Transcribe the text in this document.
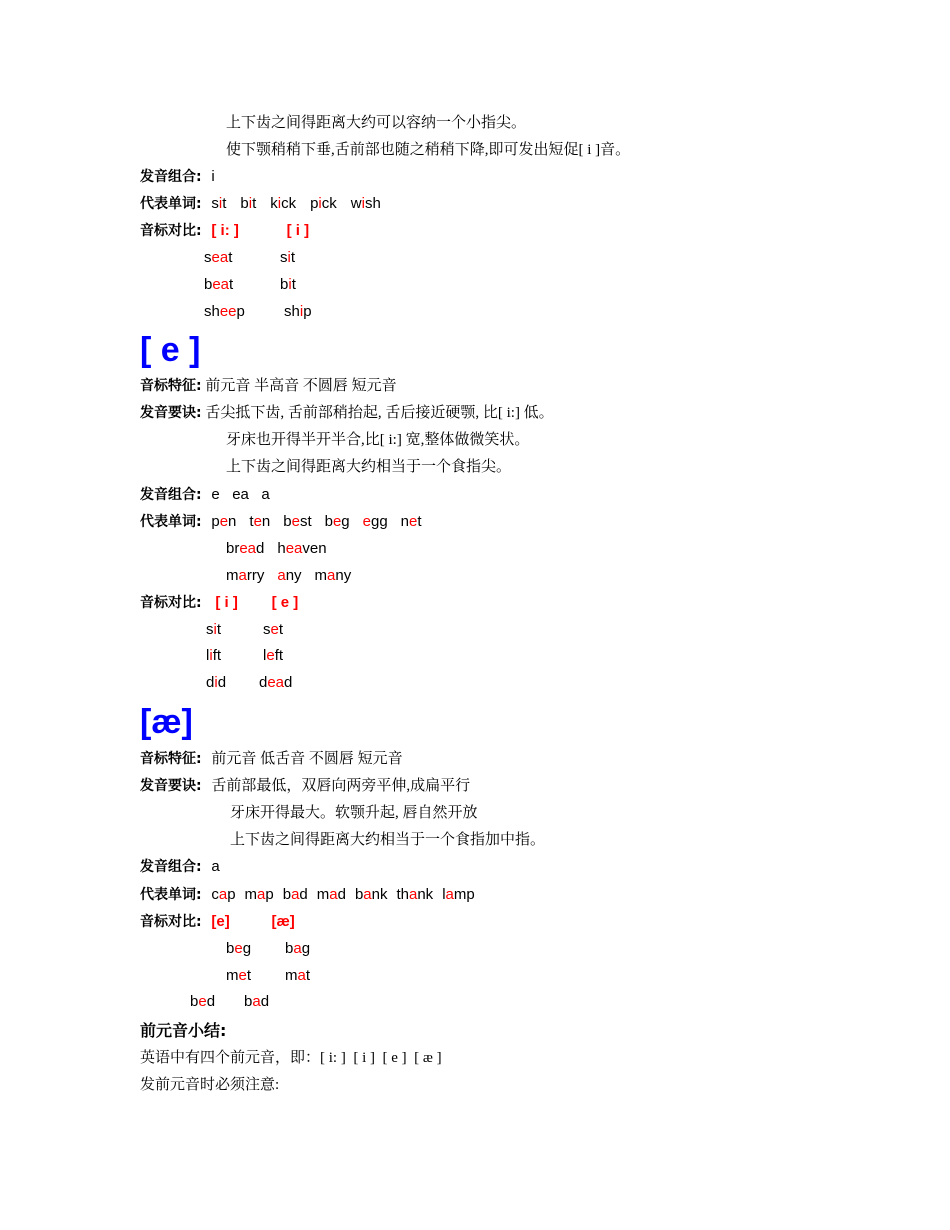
上下齿之间得距离大约可以容纳一个小指尖。
使下颚稍稍下垂,舌前部也随之稍稍下降,即可发出短促[ i ]音。
发音组合: i
代表单词: sit bit kick pick wish
音标对比: [ i: ]	[ i ]
seat	sit
beat	bit
sheep	ship
[ e ]
音标特征: 前元音 半高音 不圆唇 短元音
发音要诀: 舌尖抵下齿, 舌前部稍抬起, 舌后接近硬颚, 比[ i:] 低。
牙床也开得半开半合,比[ i:] 宽,整体做微笑状。
上下齿之间得距离大约相当于一个食指尖。
发音组合: e   ea   a
代表单词: pen ten best beg egg net
bread heaven
marry any many
音标对比: [ i ] [ e ]
sit	set
lift	left
did dead
[æ]
音标特征: 前元音 低舌音 不圆唇 短元音
发音要诀: 舌前部最低，双唇向两旁平伸,成扁平行
牙床开得最大。软颚升起, 唇自然开放
上下齿之间得距离大约相当于一个食指加中指。
发音组合: a
代表单词: cap map bad mad bank thank lamp
音标对比: [e]	[æ]
beg bag
met mat
bed bad
前元音小结:
英语中有四个前元音，即：[ i: ]  [ i ]  [ e ]  [ æ ]
发前元音时必须注意:
